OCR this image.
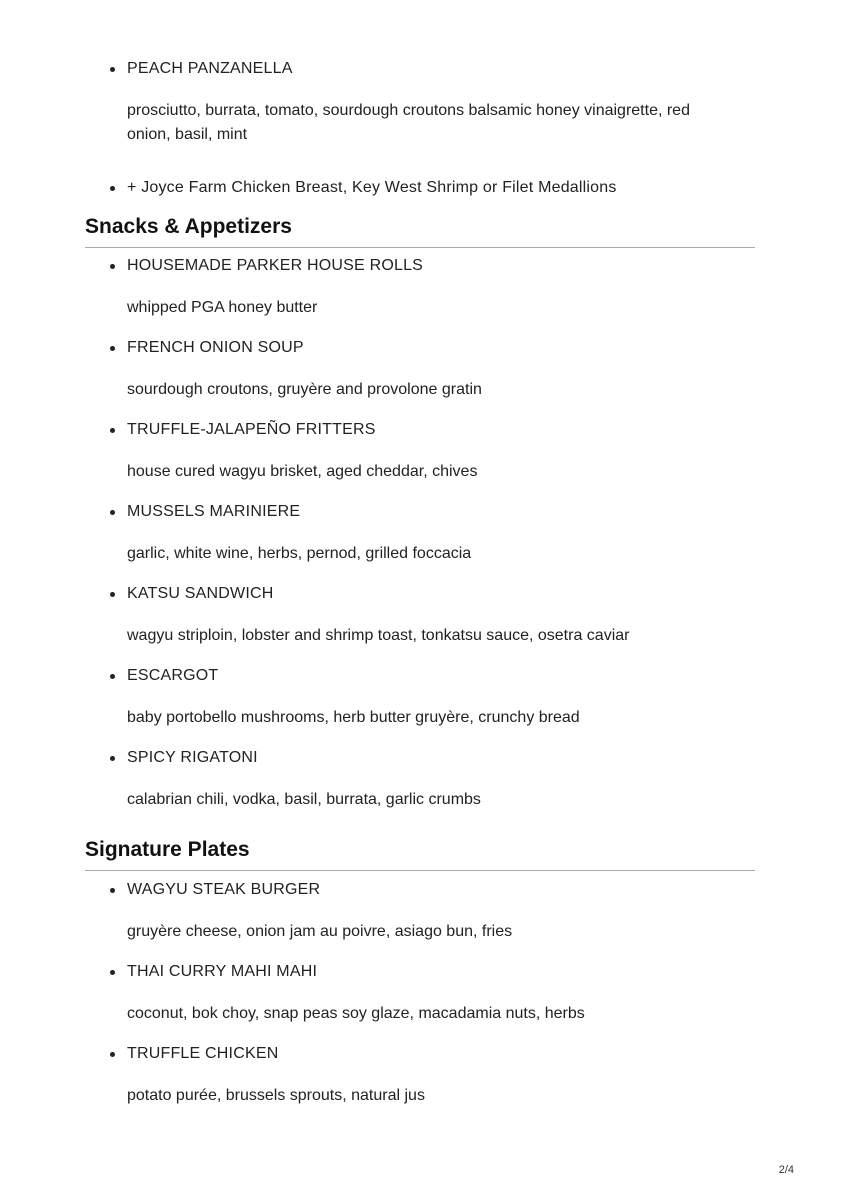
PEACH PANZANELLA

prosciutto, burrata, tomato, sourdough croutons balsamic honey vinaigrette, red onion, basil, mint

+ Joyce Farm Chicken Breast, Key West Shrimp or Filet Medallions
Snacks & Appetizers
HOUSEMADE PARKER HOUSE ROLLS

whipped PGA honey butter

FRENCH ONION SOUP

sourdough croutons, gruyère and provolone gratin

TRUFFLE-JALAPEÑO FRITTERS

house cured wagyu brisket, aged cheddar, chives

MUSSELS MARINIERE

garlic, white wine, herbs, pernod, grilled foccacia

KATSU SANDWICH

wagyu striploin, lobster and shrimp toast, tonkatsu sauce, osetra caviar

ESCARGOT

baby portobello mushrooms, herb butter gruyère, crunchy bread

SPICY RIGATONI

calabrian chili, vodka, basil, burrata, garlic crumbs

Signature Plates
WAGYU STEAK BURGER

gruyère cheese, onion jam au poivre, asiago bun, fries

THAI CURRY MAHI MAHI

coconut, bok choy, snap peas soy glaze, macadamia nuts, herbs

TRUFFLE CHICKEN

potato purée, brussels sprouts, natural jus

2/4
